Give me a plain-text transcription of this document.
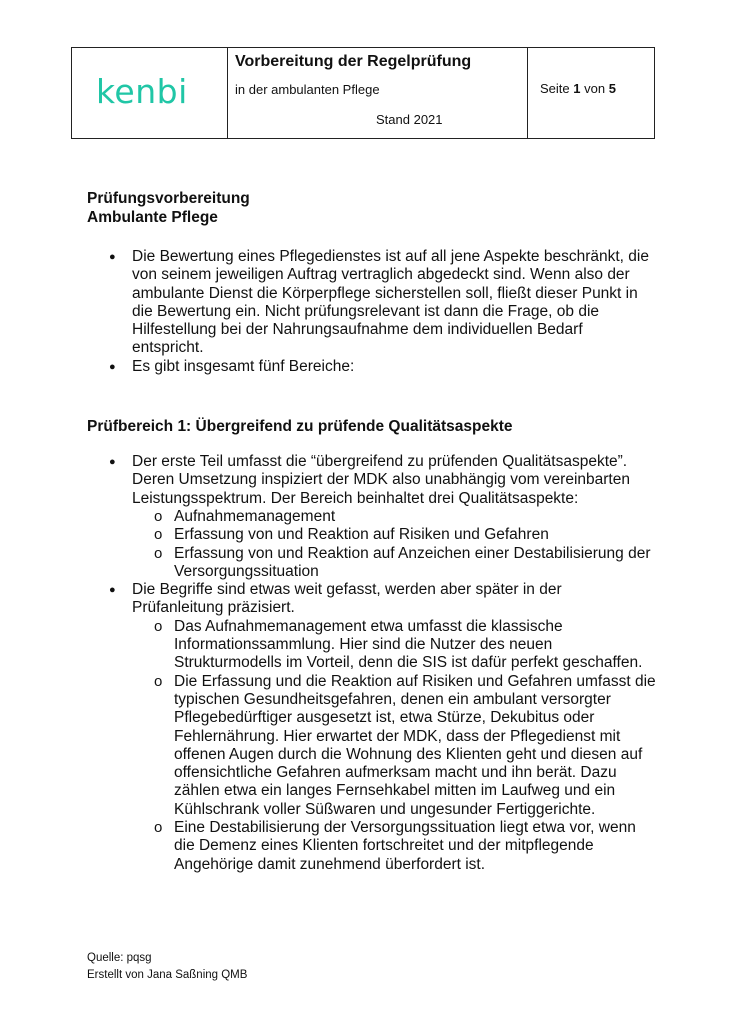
kenbi
Vorbereitung der Regelprüfung
in der ambulanten Pflege
Stand 2021
Seite 1 von 5

Prüfungsvorbereitung

Ambulante Pflege

● Die Bewertung eines Pflegedienstes ist auf all jene Aspekte beschränkt, die von seinem jeweiligen Auftrag vertraglich abgedeckt sind. Wenn also der ambulante Dienst die Körperpflege sicherstellen soll, fließt dieser Punkt in die Bewertung ein. Nicht prüfungsrelevant ist dann die Frage, ob die Hilfestellung bei der Nahrungsaufnahme dem individuellen Bedarf entspricht.
● Es gibt insgesamt fünf Bereiche:

Prüfbereich 1: Übergreifend zu prüfende Qualitätsaspekte

● Der erste Teil umfasst die “übergreifend zu prüfenden Qualitätsaspekte”. Deren Umsetzung inspiziert der MDK also unabhängig vom vereinbarten Leistungsspektrum. Der Bereich beinhaltet drei Qualitätsaspekte:
o Aufnahmemanagement
o Erfassung von und Reaktion auf Risiken und Gefahren
o Erfassung von und Reaktion auf Anzeichen einer Destabilisierung der Versorgungssituation
● Die Begriffe sind etwas weit gefasst, werden aber später in der Prüfanleitung präzisiert.
o Das Aufnahmemanagement etwa umfasst die klassische Informationssammlung. Hier sind die Nutzer des neuen Strukturmodells im Vorteil, denn die SIS ist dafür perfekt geschaffen.
o Die Erfassung und die Reaktion auf Risiken und Gefahren umfasst die typischen Gesundheitsgefahren, denen ein ambulant versorgter Pflegebedürftiger ausgesetzt ist, etwa Stürze, Dekubitus oder Fehlernährung. Hier erwartet der MDK, dass der Pflegedienst mit offenen Augen durch die Wohnung des Klienten geht und diesen auf offensichtliche Gefahren aufmerksam macht und ihn berät. Dazu zählen etwa ein langes Fernsehkabel mitten im Laufweg und ein Kühlschrank voller Süßwaren und ungesunder Fertiggerichte.
o Eine Destabilisierung der Versorgungssituation liegt etwa vor, wenn die Demenz eines Klienten fortschreitet und der mitpflegende Angehörige damit zunehmend überfordert ist.
Quelle: pqsg
Erstellt von Jana Saßning QMB
